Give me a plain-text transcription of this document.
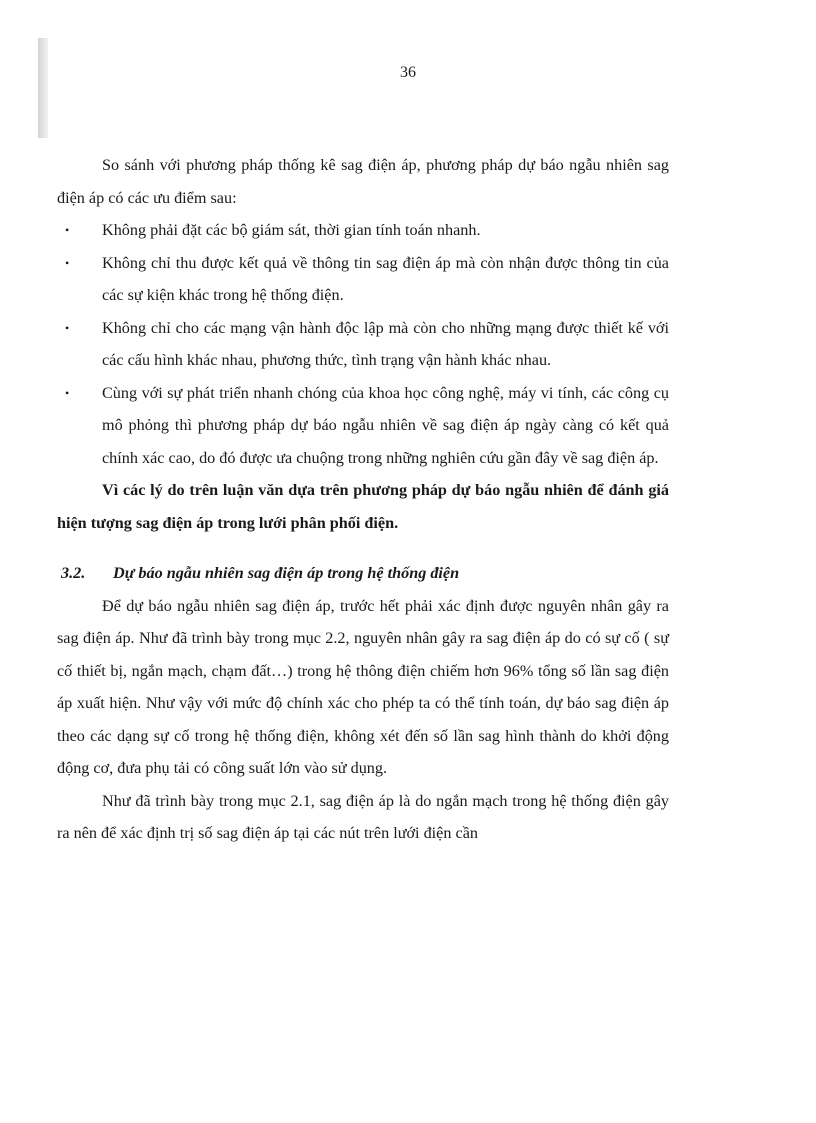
36

So sánh với phương pháp thống kê sag điện áp, phương pháp dự báo ngẫu nhiên sag điện áp có các ưu điểm sau:

• Không phải đặt các bộ giám sát, thời gian tính toán nhanh.
• Không chỉ thu được kết quả về thông tin sag điện áp mà còn nhận được thông tin của các sự kiện khác trong hệ thống điện.
• Không chỉ cho các mạng vận hành độc lập mà còn cho những mạng được thiết kế với các cấu hình khác nhau, phương thức, tình trạng vận hành khác nhau.
• Cùng với sự phát triển nhanh chóng của khoa học công nghệ, máy vi tính, các công cụ mô phỏng thì phương pháp dự báo ngẫu nhiên về sag điện áp ngày càng có kết quả chính xác cao, do đó được ưa chuộng trong những nghiên cứu gần đây về sag điện áp.

Vì các lý do trên luận văn dựa trên phương pháp dự báo ngẫu nhiên để đánh giá hiện tượng sag điện áp trong lưới phân phối điện.

3.2. Dự báo ngẫu nhiên sag điện áp trong hệ thống điện

Để dự báo ngẫu nhiên sag điện áp, trước hết phải xác định được nguyên nhân gây ra sag điện áp. Như đã trình bày trong mục 2.2, nguyên nhân gây ra sag điện áp do có sự cố ( sự cố thiết bị, ngắn mạch, chạm đất…) trong hệ thông điện chiếm hơn 96% tổng số lần sag điện áp xuất hiện. Như vậy với mức độ chính xác cho phép ta có thể tính toán, dự báo sag điện áp theo các dạng sự cố trong hệ thống điện, không xét đến số lần sag hình thành do khởi động động cơ, đưa phụ tải có công suất lớn vào sử dụng.

Như đã trình bày trong mục 2.1, sag điện áp là do ngắn mạch trong hệ thống điện gây ra nên để xác định trị số sag điện áp tại các nút trên lưới điện cần
